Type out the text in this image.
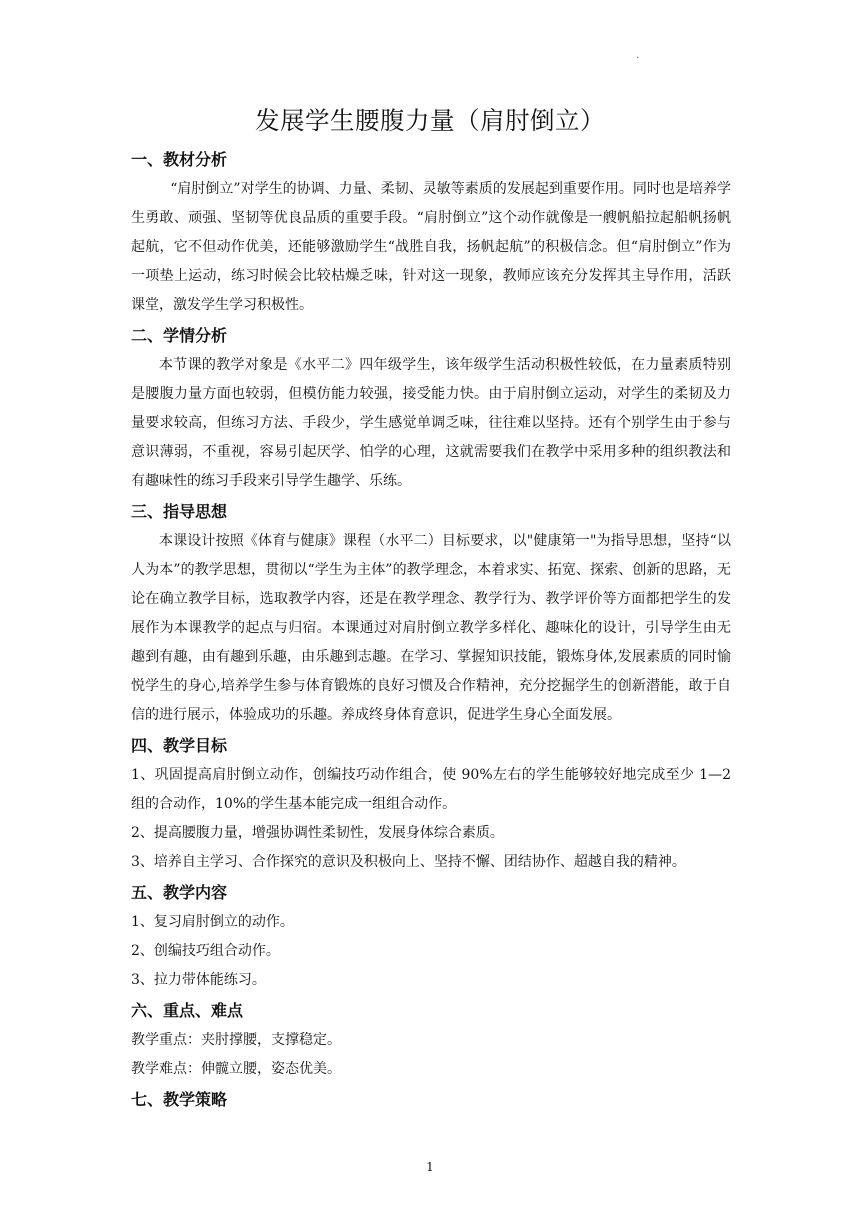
·
发展学生腰腹力量（肩肘倒立）
一、教材分析

“肩肘倒立”对学生的协调、力量、柔韧、灵敏等素质的发展起到重要作用。同时也是培养学生勇敢、顽强、坚韧等优良品质的重要手段。“肩肘倒立”这个动作就像是一艘帆船拉起船帆扬帆起航，它不但动作优美，还能够激励学生“战胜自我，扬帆起航”的积极信念。但“肩肘倒立”作为一项垫上运动，练习时候会比较枯燥乏味，针对这一现象，教师应该充分发挥其主导作用，活跃课堂，激发学生学习积极性。

二、学情分析

本节课的教学对象是《水平二》四年级学生，该年级学生活动积极性较低，在力量素质特别是腰腹力量方面也较弱，但模仿能力较强，接受能力快。由于肩肘倒立运动，对学生的柔韧及力量要求较高，但练习方法、手段少，学生感觉单调乏味，往往难以坚持。还有个别学生由于参与意识薄弱，不重视，容易引起厌学、怕学的心理，这就需要我们在教学中采用多种的组织教法和有趣味性的练习手段来引导学生趣学、乐练。

三、指导思想

本课设计按照《体育与健康》课程（水平二）目标要求，以"健康第一"为指导思想，坚持“以人为本”的教学思想，贯彻以“学生为主体”的教学理念，本着求实、拓宽、探索、创新的思路，无论在确立教学目标，选取教学内容，还是在教学理念、教学行为、教学评价等方面都把学生的发展作为本课教学的起点与归宿。本课通过对肩肘倒立教学多样化、趣味化的设计，引导学生由无趣到有趣，由有趣到乐趣，由乐趣到志趣。在学习、掌握知识技能，锻炼身体,发展素质的同时愉悦学生的身心,培养学生参与体育锻炼的良好习惯及合作精神，充分挖掘学生的创新潜能，敢于自信的进行展示，体验成功的乐趣。养成终身体育意识，促进学生身心全面发展。

四、教学目标

1、巩固提高肩肘倒立动作，创编技巧动作组合，使 90%左右的学生能够较好地完成至少 1—2 组的合动作，10%的学生基本能完成一组组合动作。

2、提高腰腹力量，增强协调性柔韧性，发展身体综合素质。

3、培养自主学习、合作探究的意识及积极向上、坚持不懈、团结协作、超越自我的精神。

五、教学内容

1、复习肩肘倒立的动作。

2、创编技巧组合动作。

3、拉力带体能练习。

六、重点、难点

教学重点：夹肘撑腰，支撑稳定。

教学难点：伸髋立腰，姿态优美。

七、教学策略
1
